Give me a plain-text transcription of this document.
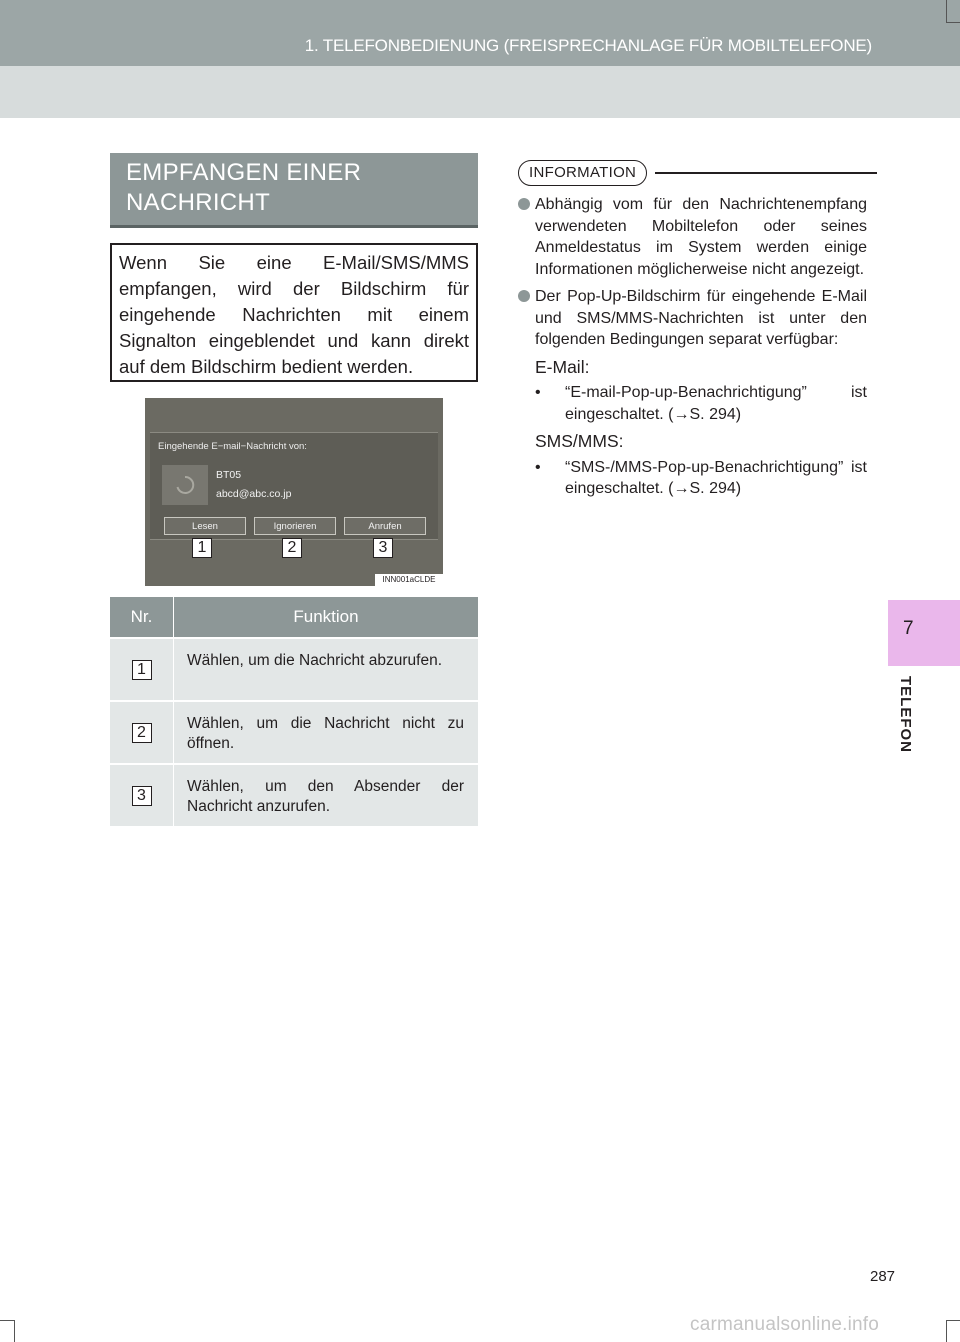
1. TELEFONBEDIENUNG (FREISPRECHANLAGE FÜR MOBILTELEFONE)
7
TELEFON
EMPFANGEN EINER NACHRICHT

Wenn Sie eine E-Mail/SMS/MMS empfangen, wird der Bildschirm für eingehende Nachrichten mit einem Signalton eingeblendet und kann direkt auf dem Bildschirm bedient werden.

Eingehende E−mail−Nachricht von:
BT05
abcd@abc.co.jp
Lesen	Ignorieren	Anrufen
1	2	3
INN001aCLDE
Nr.	Funktion
1	Wählen, um die Nachricht abzurufen.

2	Wählen, um die Nachricht nicht zu öffnen.

3	Wählen, um den Absender der Nachricht anzurufen.

INFORMATION

Abhängig vom für den Nachrichtenempfang verwendeten Mobiltelefon oder seines Anmeldestatus im System werden einige Informationen möglicherweise nicht angezeigt.

Der Pop-Up-Bildschirm für eingehende E-Mail und SMS/MMS-Nachrichten ist unter den folgenden Bedingungen separat verfügbar:

E-Mail:

• “E-mail-Pop-up-Benachrichtigung” ist eingeschaltet. (→S. 294)

SMS/MMS:

• “SMS-/MMS-Pop-up-Benachrichtigung” ist eingeschaltet. (→S. 294)

287
carmanualsonline.info
